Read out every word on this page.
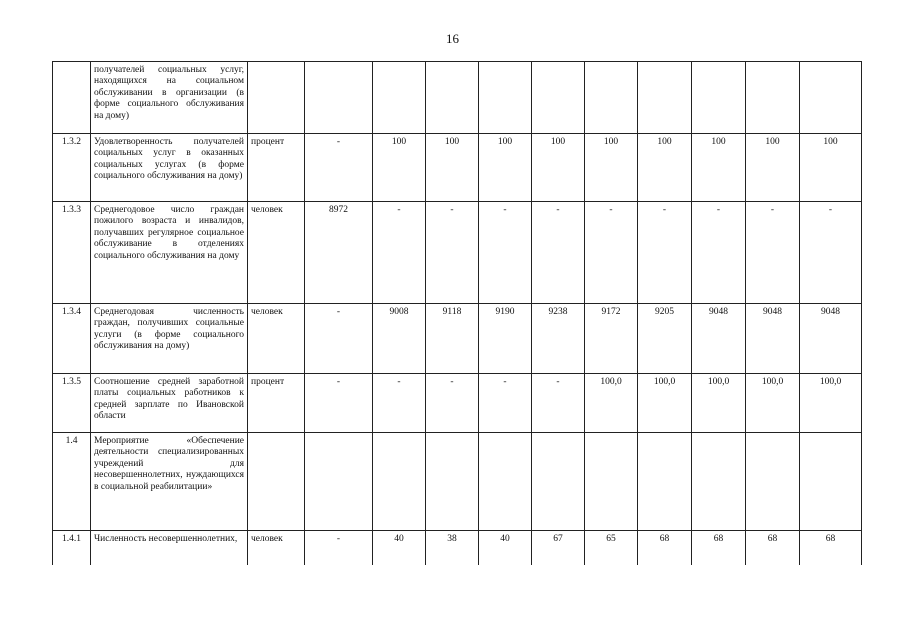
16
	получателей социальных услуг, находящихся на социальном обслуживании в организации (в форме социального обслуживания на дому)											
1.3.2	Удовлетворенность получателей социальных услуг в оказанных социальных услугах (в форме социального обслуживания на дому)	процент	-	100	100	100	100	100	100	100	100	100
1.3.3	Среднегодовое число граждан пожилого возраста и инвалидов, получавших регулярное социальное обслуживание в отделениях социального обслуживания на дому	человек	8972	-	-	-	-	-	-	-	-	-
1.3.4	Среднегодовая численность граждан, получивших социальные услуги (в форме социального обслуживания на дому)	человек	-	9008	9118	9190	9238	9172	9205	9048	9048	9048
1.3.5	Соотношение средней заработной платы социальных работников к средней зарплате по Ивановской области	процент	-	-	-	-	-	100,0	100,0	100,0	100,0	100,0
1.4	Мероприятие «Обеспечение деятельности специализированных учреждений для несовершеннолетних, нуждающихся в социальной реабилитации»											
1.4.1	Численность несовершеннолетних,	человек	-	40	38	40	67	65	68	68	68	68
